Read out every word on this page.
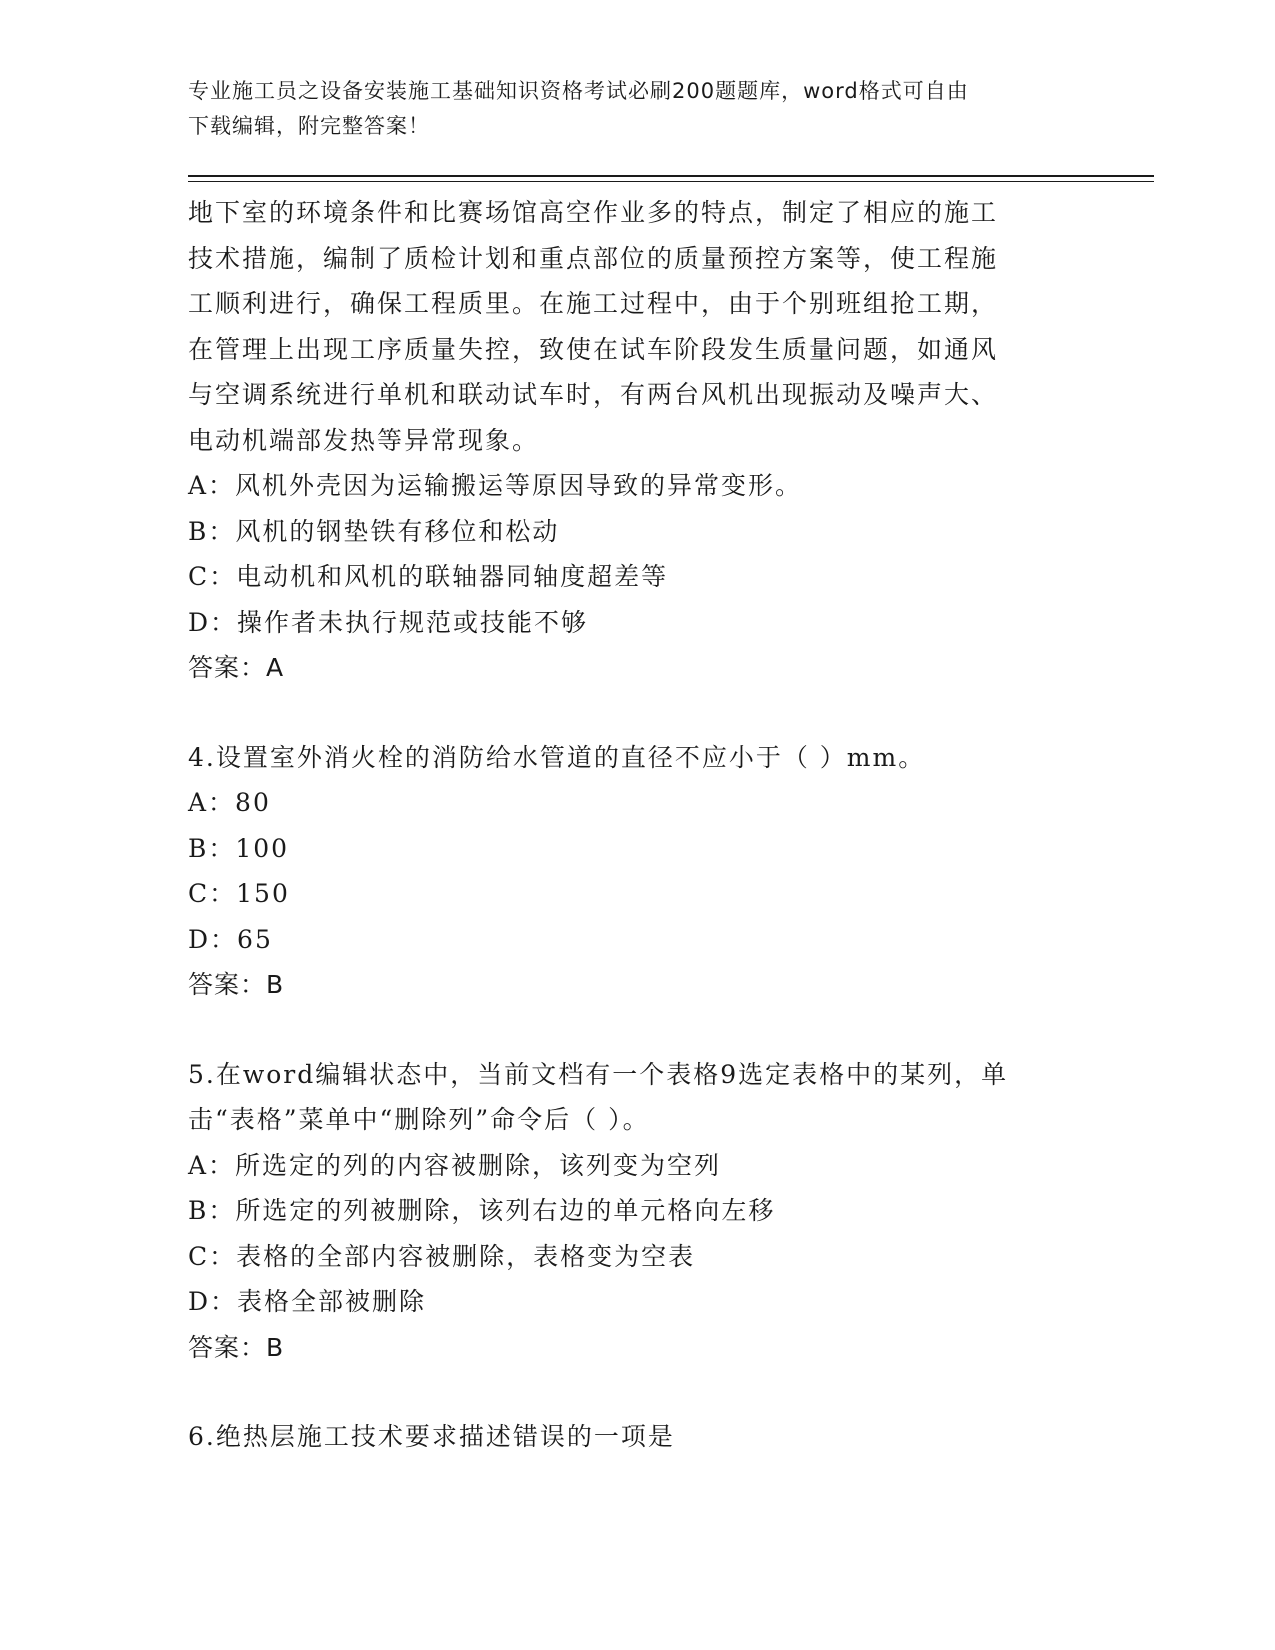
专业施工员之设备安装施工基础知识资格考试必刷200题题库，word格式可自由
下载编辑，附完整答案！
地下室的环境条件和比赛场馆高空作业多的特点，制定了相应的施工
技术措施，编制了质检计划和重点部位的质量预控方案等，使工程施
工顺利进行，确保工程质里。在施工过程中，由于个别班组抢工期，
在管理上出现工序质量失控，致使在试车阶段发生质量问题，如通风
与空调系统进行单机和联动试车时，有两台风机出现振动及噪声大、
电动机端部发热等异常现象。
A：风机外壳因为运输搬运等原因导致的异常变形。
B：风机的钢垫铁有移位和松动
C：电动机和风机的联轴器同轴度超差等
D：操作者未执行规范或技能不够
答案：A
4.设置室外消火栓的消防给水管道的直径不应小于（ ）mm。
A：80
B：100
C：150
D：65
答案：B
5.在word编辑状态中，当前文档有一个表格9选定表格中的某列，单
击“表格”菜单中“删除列”命令后（ ）。
A：所选定的列的内容被删除，该列变为空列
B：所选定的列被删除，该列右边的单元格向左移
C：表格的全部内容被删除，表格变为空表
D：表格全部被删除
答案：B
6.绝热层施工技术要求描述错误的一项是
